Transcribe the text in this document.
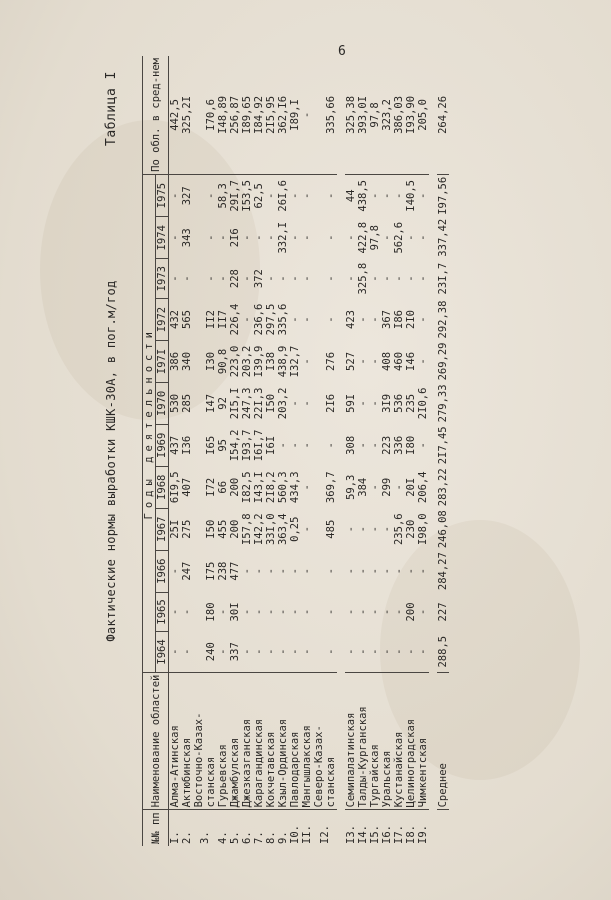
6
Таблица I
Фактические нормы выработки КШК-30А, в пог.м/год
№№ пп	Наименование областей	Годы деятельности												По обл. в сред-нем
		I964	I965	I966	I967	I968	I969	I970	I97I	I972	I973	I974	I975	
I.	Алма-Атинская	-	-	-	25I	6I9,5	437	530	386	432	-	-	-	442,5
2.	Актюбинская	-	-	247	275	407	I36	285	340	565	-	343	327	325,2I
3.	Восточно-Казах-
станская	240	I80	I75	I50	I72	I65	I47	I30	II2	-	-	-	I70,6
4.	Гурьевская	-	-	238	455	66	95	92	90,8	II7	-	-	58,3	I48,89
5.	Джамбулская	337	30I	477	200	200	I54,2	2I5,I	223,0	226,4	228	2I6	29I,7	256,87
6.	Джезказганская	-	-	-	I57,8	I82,5	I93,7	247,3	203,2	-	-	-	I53,5	I89,65
7.	Карагандинская	-	-	-	I42,2	I43,I	I6I,7	22I,3	I39,9	236,6	372	-	62,5	I84,92
8.	Кокчетавская	-	-	-	33I,0	2I8,2	I6I	I50	I38	297,5	-	-	-	2I5,95
9.	Кзыл-Ординская	-	-	-	363,4	560,3	-	203,2	438,9	335,6	-	332,I	26I,6	362,I6
I0.	Павлодарская	-	-	-	0,25	434,3	-	-	I32,7	-	-	-	-	I89,I
II.	Мангышлакская	-	-	-	-	-	-	-	-	-	-	-	-	-
I2.	Северо-Казах-
станская	-	-	-	485	369,7	-	2I6	276	-	-	-	-	335,66

I3.	Семипалатинская	-	-	-	-	59,3	308	59I	527	423	-	-	44	325,38
I4.	Талды-Курганская	-	-	-	-	384	-	-	-	-	325,8	422,8	438,5	393,0I
I5.	Тургайская	-	-	-	-	-	-	-	-	-	-	97,8	-	97,8
I6.	Уральская	-	-	-	-	299	223	3I9	408	367	-	-	-	323,2
I7.	Кустанайская	-	-	-	235,6	-	336	536	460	I86	-	562,6	-	386,03
I8.	Целиноградская	-	200	-	230	20I	I80	235	I46	2I0	-	-	I40,5	I93,90
I9.	Чимкентская	-	-	-	I98,0	206,4	-	2I0,6	-	-	-	-	-	205,0

	Среднее	288,5	227	284,27	246,08	283,22	2I7,45	279,33	269,29	292,38	23I,7	337,42	I97,56	264,26
